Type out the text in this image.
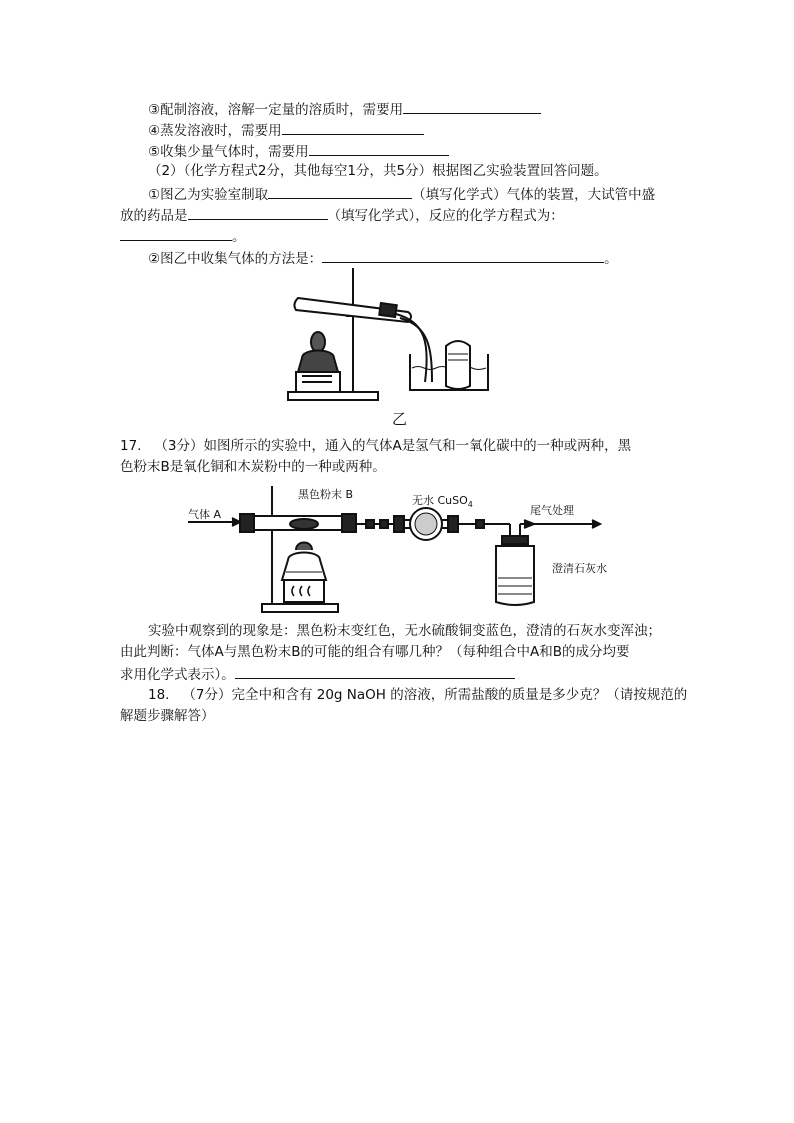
③配制溶液，溶解一定量的溶质时，需要用
④蒸发溶液时，需要用
⑤收集少量气体时，需要用
（2）（化学方程式2分，其他每空1分，共5分）根据图乙实验装置回答问题。
①图乙为实验室制取	（填写化学式）气体的装置，大试管中盛
放的药品是	（填写化学式），反应的化学方程式为：
。
②图乙中收集气体的方法是：	。
乙
17. （3分）如图所示的实验中，通入的气体A是氢气和一氧化碳中的一种或两种，黑
色粉末B是氧化铜和木炭粉中的一种或两种。
气体 A
黑色粉末 B	无水 CuSO$_4$	尾气处理
澄清石灰水
实验中观察到的现象是：黑色粉末变红色，无水硫酸铜变蓝色，澄清的石灰水变浑浊；
由此判断：气体A与黑色粉末B的可能的组合有哪几种？（每种组合中A和B的成分均要
求用化学式表示）。
18. （7分）完全中和含有 20g NaOH 的溶液，所需盐酸的质量是多少克？（请按规范的
解题步骤解答）
